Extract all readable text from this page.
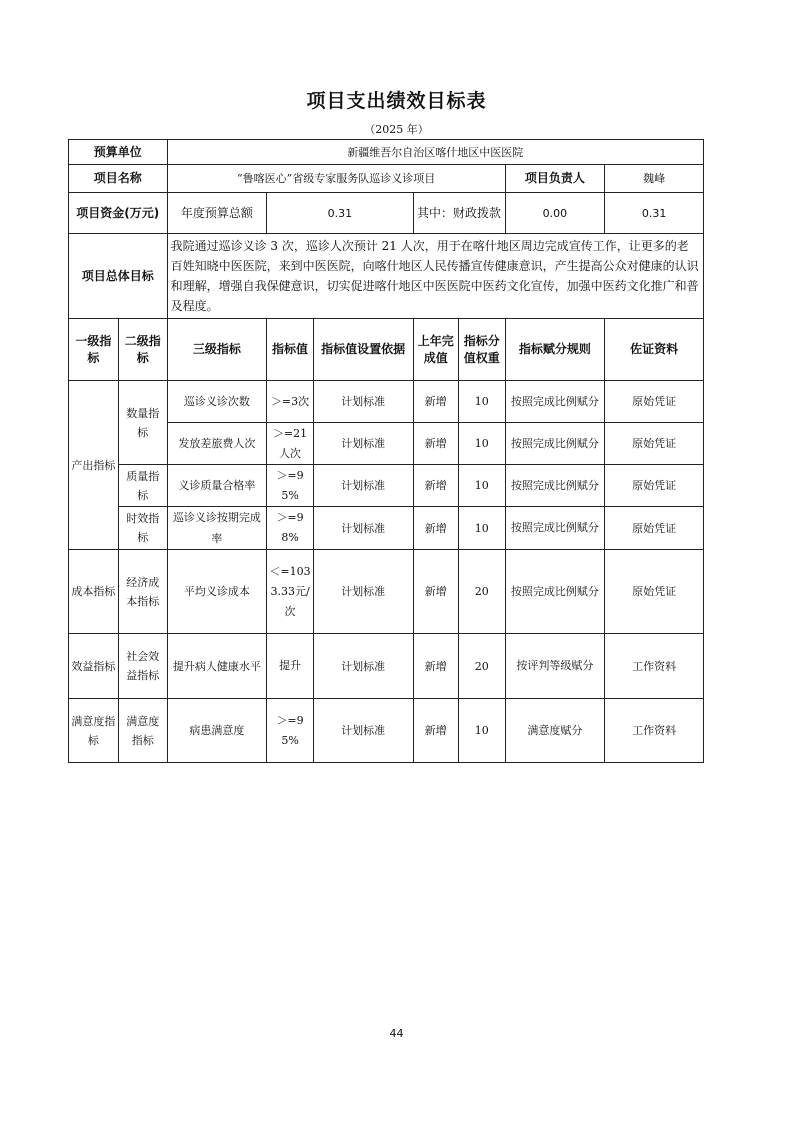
项目支出绩效目标表
（2025 年）
预算单位		新疆维吾尔自治区喀什地区中医医院						
项目名称		“鲁喀医心”省级专家服务队巡诊义诊项目					项目负责人	魏峰
项目资金(万元)		年度预算总额	0.31		其中：财政拨款		0.00	0.31
项目总体目标		我院通过巡诊义诊 3 次，巡诊人次预计 21 人次，用于在喀什地区周边完成宣传工作，让更多的老百姓知晓中医医院，来到中医医院，向喀什地区人民传播宣传健康意识，产生提高公众对健康的认识和理解，增强自我保健意识，切实促进喀什地区中医医院中医药文化宣传，加强中医药文化推广和普及程度。						
一级指标	二级指标	三级指标	指标值	指标值设置依据	上年完成值	指标分值权重	指标赋分规则	佐证资料
产出指标	数量指标	巡诊义诊次数	＞=3次	计划标准	新增	10	按照完成比例赋分	原始凭证
		发放差旅费人次	＞=21人次	计划标准	新增	10	按照完成比例赋分	原始凭证
	质量指标	义诊质量合格率	＞=95%	计划标准	新增	10	按照完成比例赋分	原始凭证
	时效指标	巡诊义诊按期完成率	＞=98%	计划标准	新增	10	按照完成比例赋分	原始凭证
成本指标	经济成本指标	平均义诊成本	＜=1033.33元/次	计划标准	新增	20	按照完成比例赋分	原始凭证
效益指标	社会效益指标	提升病人健康水平	提升	计划标准	新增	20	按评判等级赋分	工作资料
满意度指标	满意度指标	病患满意度	＞=95%	计划标准	新增	10	满意度赋分	工作资料
44
